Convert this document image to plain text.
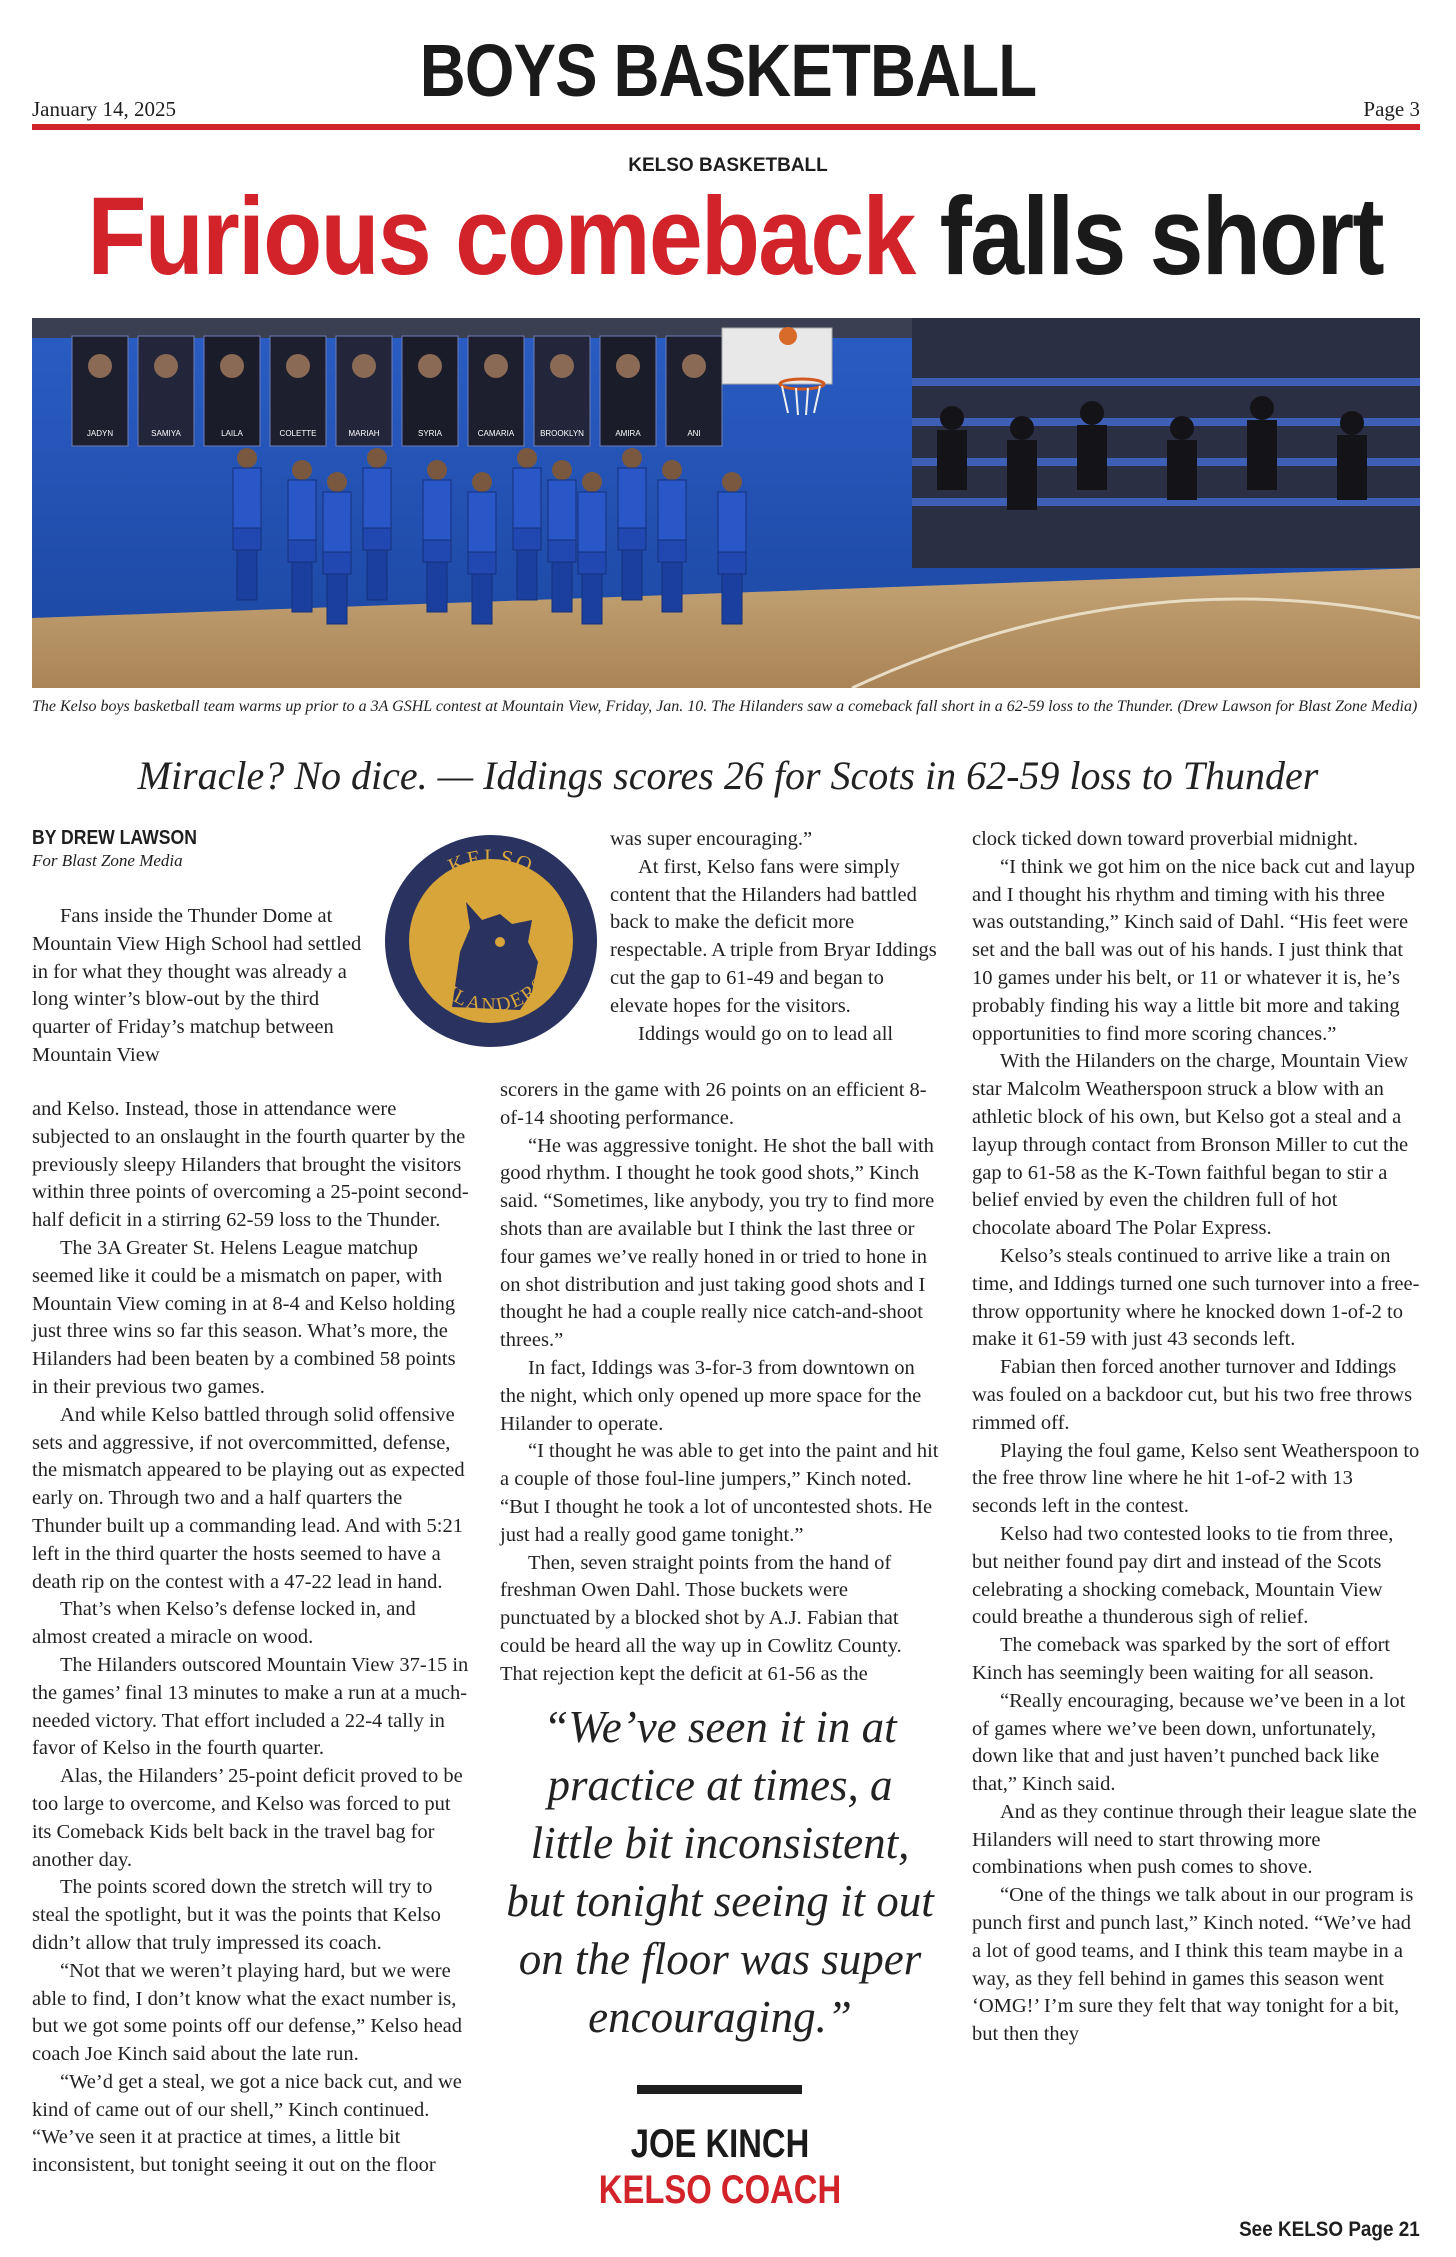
January 14, 2025	BOYS BASKETBALL	Page 3
KELSO BASKETBALL
Furious comeback falls short
JADYN	SAMIYA	LAILA	COLETTE	MARIAH	SYRIA	CAMARIA	BROOKLYN	AMIRA	ANI
The Kelso boys basketball team warms up prior to a 3A GSHL contest at Mountain View, Friday, Jan. 10. The Hilanders saw a comeback fall short in a 62-59 loss to the Thunder. (Drew Lawson for Blast Zone Media)
Miracle? No dice. — Iddings scores 26 for Scots in 62-59 loss to Thunder
BY DREW LAWSON
For Blast Zone Media	KELSO
HILANDERS

Fans inside the Thunder Dome at Mountain View High School had settled in for what they thought was already a long winter’s blow-out by the third quarter of Friday’s matchup between Mountain View

and Kelso. Instead, those in attendance were subjected to an onslaught in the fourth quarter by the previously sleepy Hilanders that brought the visitors within three points of overcoming a 25-point second-half deficit in a stirring 62-59 loss to the Thunder.

The 3A Greater St. Helens League matchup seemed like it could be a mismatch on paper, with Mountain View coming in at 8-4 and Kelso holding just three wins so far this season. What’s more, the Hilanders had been beaten by a combined 58 points in their previous two games.

And while Kelso battled through solid offensive sets and aggressive, if not overcommitted, defense, the mismatch appeared to be playing out as expected early on. Through two and a half quarters the Thunder built up a commanding lead. And with 5:21 left in the third quarter the hosts seemed to have a death rip on the contest with a 47-22 lead in hand.

That’s when Kelso’s defense locked in, and almost created a miracle on wood.

The Hilanders outscored Mountain View 37-15 in the games’ final 13 minutes to make a run at a much-needed victory. That effort included a 22-4 tally in favor of Kelso in the fourth quarter.

Alas, the Hilanders’ 25-point deficit proved to be too large to overcome, and Kelso was forced to put its Comeback Kids belt back in the travel bag for another day.

The points scored down the stretch will try to steal the spotlight, but it was the points that Kelso didn’t allow that truly impressed its coach.

“Not that we weren’t playing hard, but we were able to find, I don’t know what the exact number is, but we got some points off our defense,” Kelso head coach Joe Kinch said about the late run.

“We’d get a steal, we got a nice back cut, and we kind of came out of our shell,” Kinch continued. “We’ve seen it at practice at times, a little bit inconsistent, but tonight seeing it out on the floor

was super encouraging.”

At first, Kelso fans were simply content that the Hilanders had battled back to make the deficit more respectable. A triple from Bryar Iddings cut the gap to 61-49 and began to elevate hopes for the visitors.

Iddings would go on to lead all

scorers in the game with 26 points on an efficient 8-of-14 shooting performance.

“He was aggressive tonight. He shot the ball with good rhythm. I thought he took good shots,” Kinch said. “Sometimes, like anybody, you try to find more shots than are available but I think the last three or four games we’ve really honed in or tried to hone in on shot distribution and just taking good shots and I thought he had a couple really nice catch-and-shoot threes.”

In fact, Iddings was 3-for-3 from downtown on the night, which only opened up more space for the Hilander to operate.

“I thought he was able to get into the paint and hit a couple of those foul-line jumpers,” Kinch noted. “But I thought he took a lot of uncontested shots. He just had a really good game tonight.”

Then, seven straight points from the hand of freshman Owen Dahl. Those buckets were punctuated by a blocked shot by A.J. Fabian that could be heard all the way up in Cowlitz County. That rejection kept the deficit at 61-56 as the

clock ticked down toward proverbial midnight.

“I think we got him on the nice back cut and layup and I thought his rhythm and timing with his three was outstanding,” Kinch said of Dahl. “His feet were set and the ball was out of his hands. I just think that 10 games under his belt, or 11 or whatever it is, he’s probably finding his way a little bit more and taking opportunities to find more scoring chances.”

With the Hilanders on the charge, Mountain View star Malcolm Weatherspoon struck a blow with an athletic block of his own, but Kelso got a steal and a layup through contact from Bronson Miller to cut the gap to 61-58 as the K-Town faithful began to stir a belief envied by even the children full of hot chocolate aboard The Polar Express.

Kelso’s steals continued to arrive like a train on time, and Iddings turned one such turnover into a free-throw opportunity where he knocked down 1-of-2 to make it 61-59 with just 43 seconds left.

Fabian then forced another turnover and Iddings was fouled on a backdoor cut, but his two free throws rimmed off.

Playing the foul game, Kelso sent Weatherspoon to the free throw line where he hit 1-of-2 with 13 seconds left in the contest.

Kelso had two contested looks to tie from three, but neither found pay dirt and instead of the Scots celebrating a shocking comeback, Mountain View could breathe a thunderous sigh of relief.

The comeback was sparked by the sort of effort Kinch has seemingly been waiting for all season.

“Really encouraging, because we’ve been in a lot of games where we’ve been down, unfortunately, down like that and just haven’t punched back like that,” Kinch said.

And as they continue through their league slate the Hilanders will need to start throwing more combinations when push comes to shove.

“One of the things we talk about in our program is punch first and punch last,” Kinch noted. “We’ve had a lot of good teams, and I think this team maybe in a way, as they fell behind in games this season went ‘OMG!’ I’m sure they felt that way tonight for a bit, but then they

“We’ve seen it in at practice at times, a little bit inconsistent, but tonight seeing it out on the floor was super encouraging.”
JOE KINCH
KELSO COACH
See KELSO Page 21
